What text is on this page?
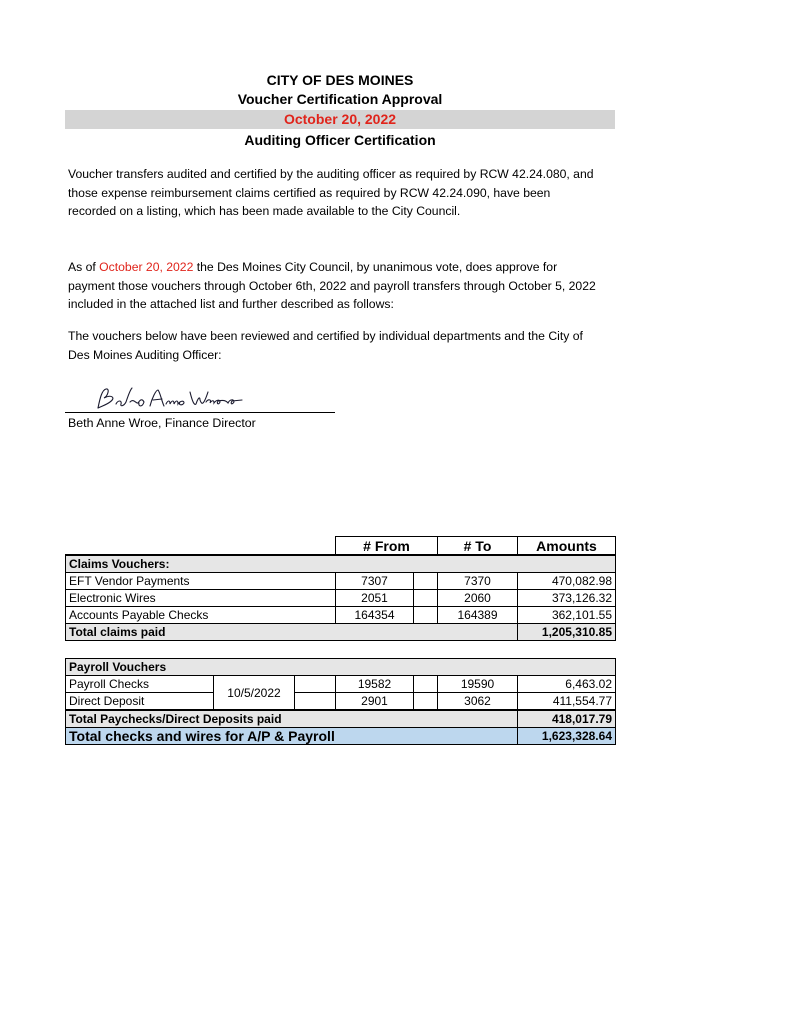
CITY OF DES MOINES
Voucher Certification Approval
October 20, 2022
Auditing Officer Certification
Voucher transfers audited and certified by the auditing officer as required by RCW 42.24.080, and those expense reimbursement claims certified as required by RCW 42.24.090, have been recorded on a listing, which has been made available to the City Council.
As of October 20, 2022 the Des Moines City Council, by unanimous vote, does approve for payment those vouchers through October 6th, 2022 and payroll transfers through October 5, 2022 included in the attached list and further described as follows:
The vouchers below have been reviewed and certified by individual departments and the City of Des Moines Auditing Officer:
Beth Anne Wroe, Finance Director
	# From		# To	Amounts
Claims Vouchers:				
EFT Vendor Payments	7307		7370	470,082.98
Electronic Wires	2051		2060	373,126.32
Accounts Payable Checks	164354		164389	362,101.55
Total claims paid				1,205,310.85
Payroll Vouchers						
Payroll Checks	10/5/2022		19582		19590	6,463.02
Direct Deposit			2901		3062	411,554.77
Total Paychecks/Direct Deposits paid						418,017.79
Total checks and wires for A/P & Payroll						1,623,328.64
